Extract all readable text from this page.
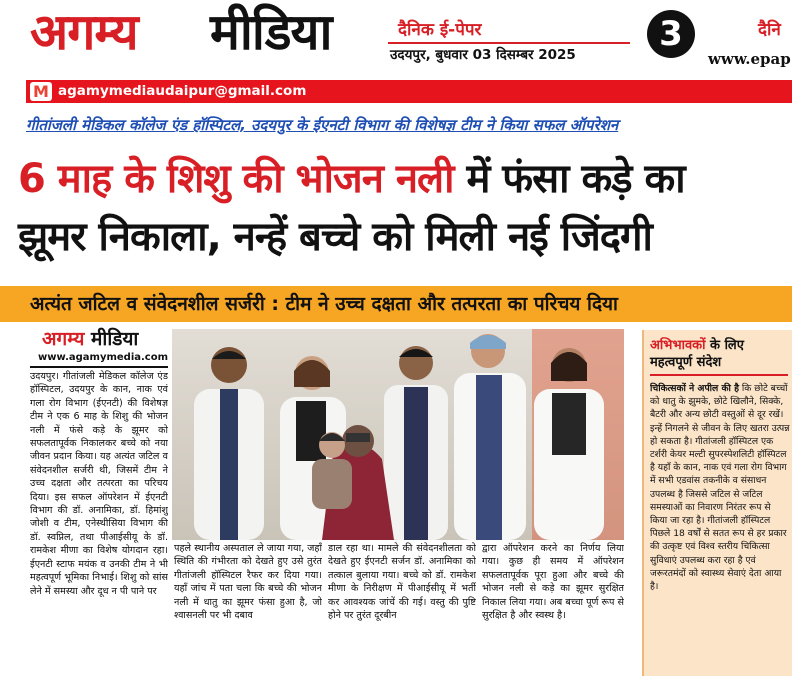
अगम्य मीडिया	दैनिक ई-पेपर
उदयपुर, बुधवार 03 दिसम्बर 2025
3	दैनि
www.epap
M agamymediaudaipur@gmail.com
गीतांजली मेडिकल कॉलेज एंड हॉस्पिटल, उदयपुर के ईएनटी विभाग की विशेषज्ञ टीम ने किया सफल ऑपरेशन
6 माह के शिशु की भोजन नली में फंसा कड़े का
झूमर निकाला, नन्हें बच्चे को मिली नई जिंदगी
अत्यंत जटिल व संवेदनशील सर्जरी : टीम ने उच्च दक्षता और तत्परता का परिचय दिया
अगम्य मीडिया
www.agamymedia.com
उदयपुर। गीतांजली मेडिकल कॉलेज एंड हॉस्पिटल, उदयपुर के कान, नाक एवं गला रोग विभाग (ईएनटी) की विशेषज्ञ टीम ने एक 6 माह के शिशु की भोजन नली में फंसे कड़े के झूमर को सफलतापूर्वक निकालकर बच्चे को नया जीवन प्रदान किया। यह अत्यंत जटिल व संवेदनशील सर्जरी थी, जिसमें टीम ने उच्च दक्षता और तत्परता का परिचय दिया। इस सफल ऑपरेशन में ईएनटी विभाग की डॉ. अनामिका, डॉ. हिमांशु जोशी व टीम, एनेस्थीसिया विभाग की डॉ. स्वप्निल, तथा पीआईसीयू के डॉ. रामकेश मीणा का विशेष योगदान रहा। ईएनटी स्टाफ मयंक व उनकी टीम ने भी महत्वपूर्ण भूमिका निभाई। शिशु को सांस लेने में समस्या और दूध न पी पाने पर
पहले स्थानीय अस्पताल ले जाया गया, जहाँ स्थिति की गंभीरता को देखते हुए उसे तुरंत गीतांजली हॉस्पिटल रैफर कर दिया गया। यहाँ जांच में पता चला कि बच्चे की भोजन नली में धातु का झूमर फंसा हुआ है, जो श्वासनली पर भी दबाव
डाल रहा था। मामले की संवेदनशीलता को देखते हुए ईएनटी सर्जन डॉ. अनामिका को तत्काल बुलाया गया। बच्चे को डॉ. रामकेश मीणा के निरीक्षण में पीआईसीयू में भर्ती कर आवश्यक जांचें की गई। वस्तु की पुष्टि होने पर तुरंत दूरबीन
द्वारा ऑपरेशन करने का निर्णय लिया गया। कुछ ही समय में ऑपरेशन सफलतापूर्वक पूरा हुआ और बच्चे की भोजन नली से कड़े का झूमर सुरक्षित निकाल लिया गया। अब बच्चा पूर्ण रूप से सुरक्षित है और स्वस्थ है।
अभिभावकों के लिए
महत्वपूर्ण संदेश
चिकित्सकों ने अपील की है कि छोटे बच्चों को धातु के झुमके, छोटे खिलौने, सिक्के, बैटरी और अन्य छोटी वस्तुओं से दूर रखें। इन्हें निगलने से जीवन के लिए खतरा उत्पन्न हो सकता है। गीतांजली हॉस्पिटल एक टर्शरी केयर मल्टी सुपरस्पेशलिटी हॉस्पिटल है यहाँ के कान, नाक एवं गला रोग विभाग में सभी एडवांस तकनीके व संसाधन उपलब्ध है जिससे जटिल से जटिल समस्याओं का निवारण निरंतर रूप से किया जा रहा है। गीतांजली हॉस्पिटल पिछले 18 वर्षों से सतत रूप से हर प्रकार की उत्कृष्ट एवं विश्व स्तरीय चिकित्सा सुविधाएं उपलब्ध करा रहा है एवं जरूरतमंदों को स्वास्थ्य सेवाएं देता आया है।
